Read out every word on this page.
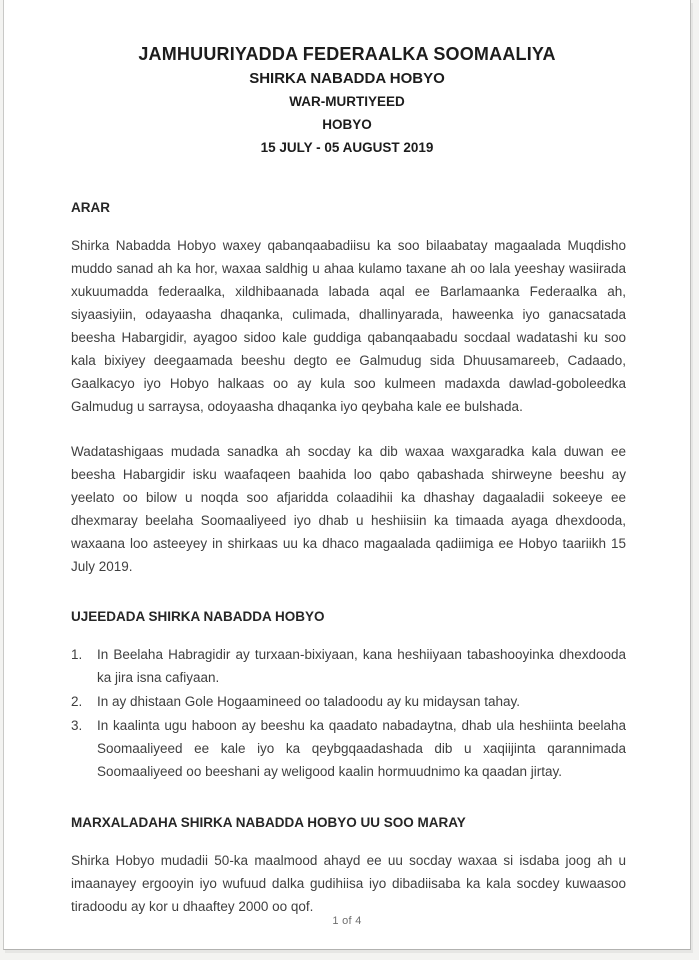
JAMHUURIYADDA FEDERAALKA SOOMAALIYA
SHIRKA NABADDA HOBYO
WAR-MURTIYEED
HOBYO
15 JULY - 05 AUGUST 2019
ARAR

Shirka Nabadda Hobyo waxey qabanqaabadiisu ka soo bilaabatay magaalada Muqdisho muddo sanad ah ka hor, waxaa saldhig u ahaa kulamo taxane ah oo lala yeeshay wasiirada xukuumadda federaalka, xildhibaanada labada aqal ee Barlamaanka Federaalka ah, siyaasiyiin, odayaasha dhaqanka, culimada, dhallinyarada, haweenka iyo ganacsatada beesha Habargidir, ayagoo sidoo kale guddiga qabanqaabadu socdaal wadatashi ku soo kala bixiyey deegaamada beeshu degto ee Galmudug sida Dhuusamareeb, Cadaado, Gaalkacyo iyo Hobyo halkaas oo ay kula soo kulmeen madaxda dawlad-goboleedka Galmudug u sarraysa, odoyaasha dhaqanka iyo qeybaha kale ee bulshada.

Wadatashigaas mudada sanadka ah socday ka dib waxaa waxgaradka kala duwan ee beesha Habargidir isku waafaqeen baahida loo qabo qabashada shirweyne beeshu ay yeelato oo bilow u noqda soo afjaridda colaadihii ka dhashay dagaaladii sokeeye ee dhexmaray beelaha Soomaaliyeed iyo dhab u heshiisiin ka timaada ayaga dhexdooda, waxaana loo asteeyey in shirkaas uu ka dhaco magaalada qadiimiga ee Hobyo taariikh 15 July 2019.

UJEEDADA SHIRKA NABADDA HOBYO
1.	In Beelaha Habragidir ay turxaan-bixiyaan, kana heshiiyaan tabashooyinka dhexdooda ka jira isna cafiyaan.
2.	In ay dhistaan Gole Hogaamineed oo taladoodu ay ku midaysan tahay.
3.	In kaalinta ugu haboon ay beeshu ka qaadato nabadaytna, dhab ula heshiinta beelaha Soomaaliyeed ee kale iyo ka qeybgqaadashada dib u xaqiijinta qarannimada Soomaaliyeed oo beeshani ay weligood kaalin hormuudnimo ka qaadan jirtay.
MARXALADAHA SHIRKA NABADDA HOBYO UU SOO MARAY

Shirka Hobyo mudadii 50-ka maalmood ahayd ee uu socday waxaa si isdaba joog ah u imaanayey ergooyin iyo wufuud dalka gudihiisa iyo dibadiisaba ka kala socdey kuwaasoo tiradoodu ay kor u dhaaftey 2000 oo qof.

1 of 4
